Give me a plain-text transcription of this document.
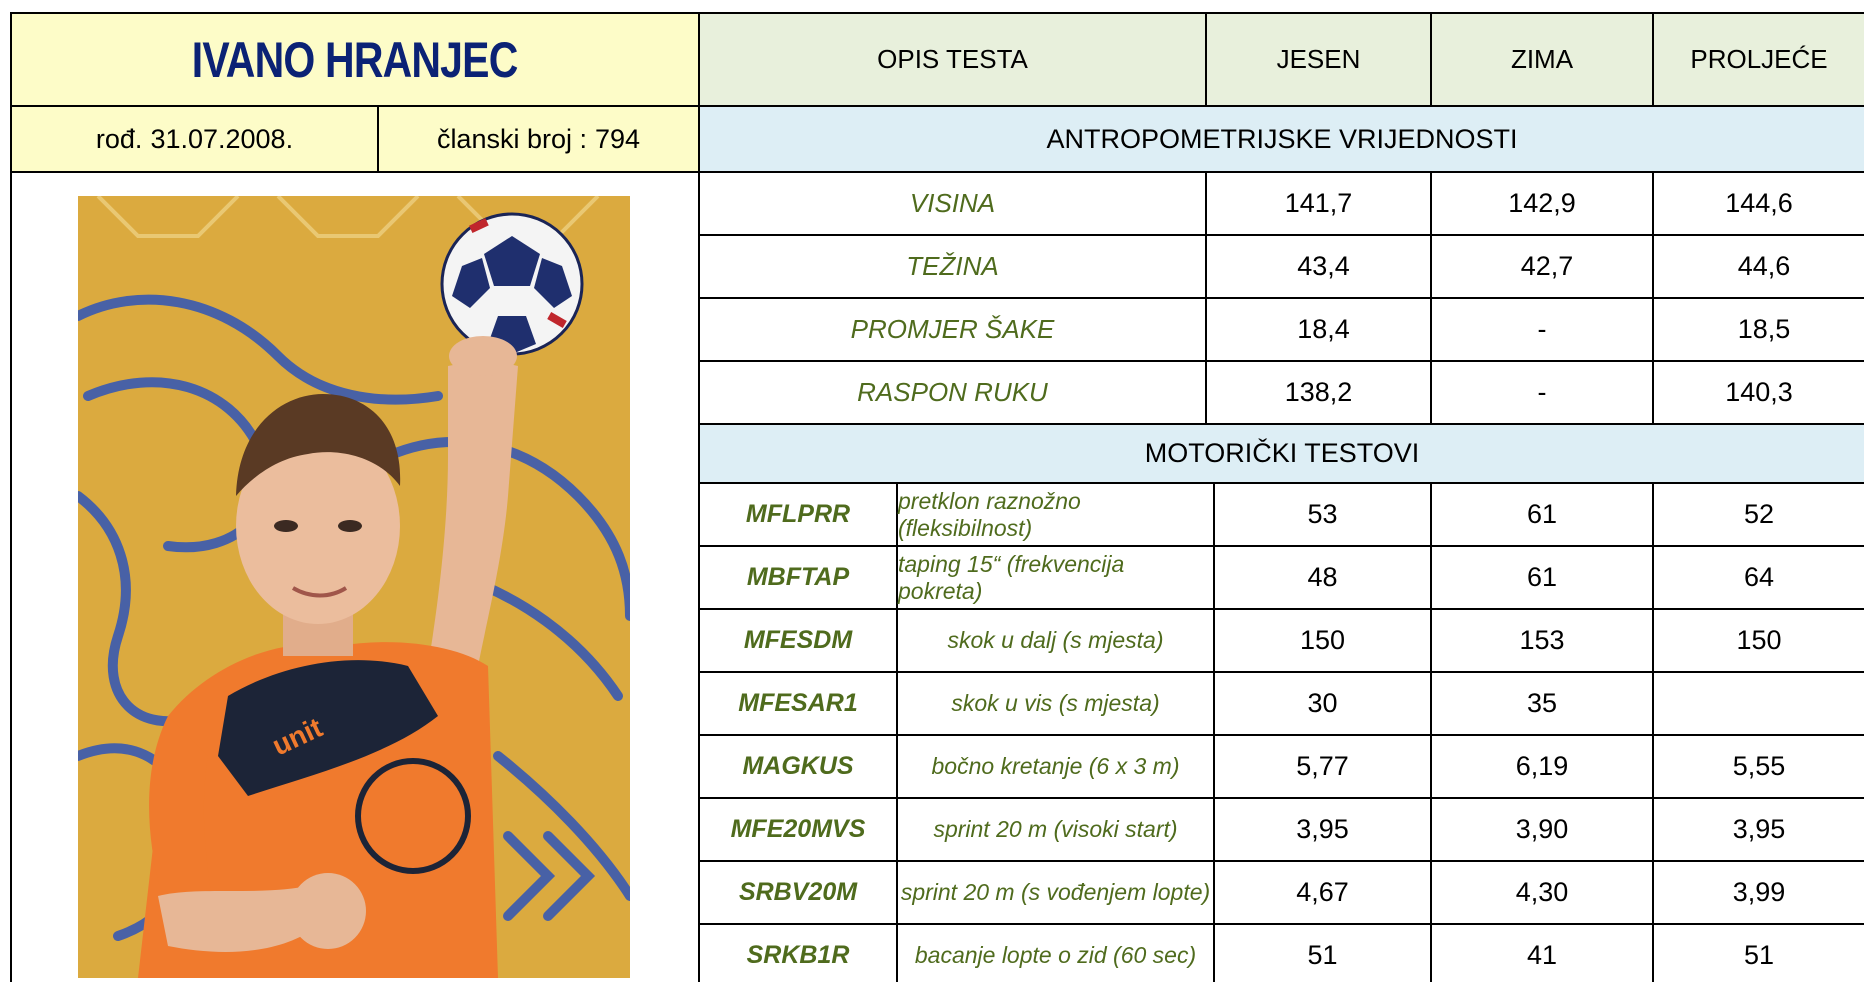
IVANO HRANJEC
rođ. 31.07.2008.	članski broj : 794
unit
OPIS TESTA	JESEN	ZIMA	PROLJEĆE
ANTROPOMETRIJSKE VRIJEDNOSTI
VISINA	141,7	142,9	144,6
TEŽINA	43,4	42,7	44,6
PROMJER ŠAKE	18,4	-	18,5
RASPON RUKU	138,2	-	140,3
MOTORIČKI TESTOVI
MFLPRR	pretklon raznožno (fleksibilnost)	53	61	52
MBFTAP	taping 15“ (frekvencija pokreta)	48	61	64
MFESDM	skok u dalj (s mjesta)	150	153	150
MFESAR1	skok u vis (s mjesta)	30	35
MAGKUS	bočno kretanje (6 x 3 m)	5,77	6,19	5,55
MFE20MVS	sprint 20 m (visoki start)	3,95	3,90	3,95
SRBV20M	sprint 20 m (s vođenjem lopte)	4,67	4,30	3,99
SRKB1R	bacanje lopte o zid (60 sec)	51	41	51
